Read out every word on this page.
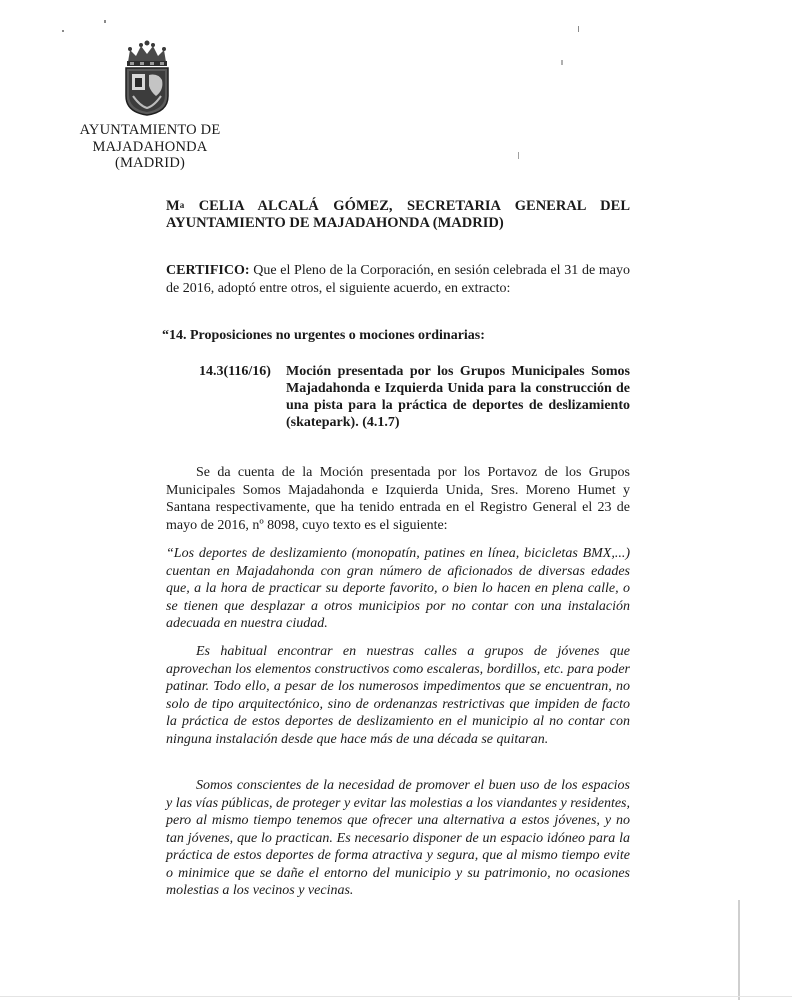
AYUNTAMIENTO DE
MAJADAHONDA
(MADRID)
$M^a$ CELIA ALCALÁ GÓMEZ, SECRETARIA GENERAL DEL
AYUNTAMIENTO DE MAJADAHONDA (MADRID)
CERTIFICO: Que el Pleno de la Corporación, en sesión celebrada el 31 de mayo de 2016, adoptó entre otros, el siguiente acuerdo, en extracto:
“14. Proposiciones no urgentes o mociones ordinarias:
14.3(116/16) Moción presentada por los Grupos Municipales Somos Majadahonda e Izquierda Unida para la construcción de una pista para la práctica de deportes de deslizamiento (skatepark). (4.1.7)
Se da cuenta de la Moción presentada por los Portavoz de los Grupos Municipales Somos Majadahonda e Izquierda Unida, Sres. Moreno Humet y Santana respectivamente, que ha tenido entrada en el Registro General el 23 de mayo de 2016, nº 8098, cuyo texto es el siguiente:
“Los deportes de deslizamiento (monopatín, patines en línea, bicicletas BMX,...) cuentan en Majadahonda con gran número de aficionados de diversas edades que, a la hora de practicar su deporte favorito, o bien lo hacen en plena calle, o se tienen que desplazar a otros municipios por no contar con una instalación adecuada en nuestra ciudad.
Es habitual encontrar en nuestras calles a grupos de jóvenes que aprovechan los elementos constructivos como escaleras, bordillos, etc. para poder patinar. Todo ello, a pesar de los numerosos impedimentos que se encuentran, no solo de tipo arquitectónico, sino de ordenanzas restrictivas que impiden de facto la práctica de estos deportes de deslizamiento en el municipio al no contar con ninguna instalación desde que hace más de una década se quitaran.
Somos conscientes de la necesidad de promover el buen uso de los espacios y las vías públicas, de proteger y evitar las molestias a los viandantes y residentes, pero al mismo tiempo tenemos que ofrecer una alternativa a estos jóvenes, y no tan jóvenes, que lo practican. Es necesario disponer de un espacio idóneo para la práctica de estos deportes de forma atractiva y segura, que al mismo tiempo evite o minimice que se dañe el entorno del municipio y su patrimonio, no ocasiones molestias a los vecinos y vecinas.
